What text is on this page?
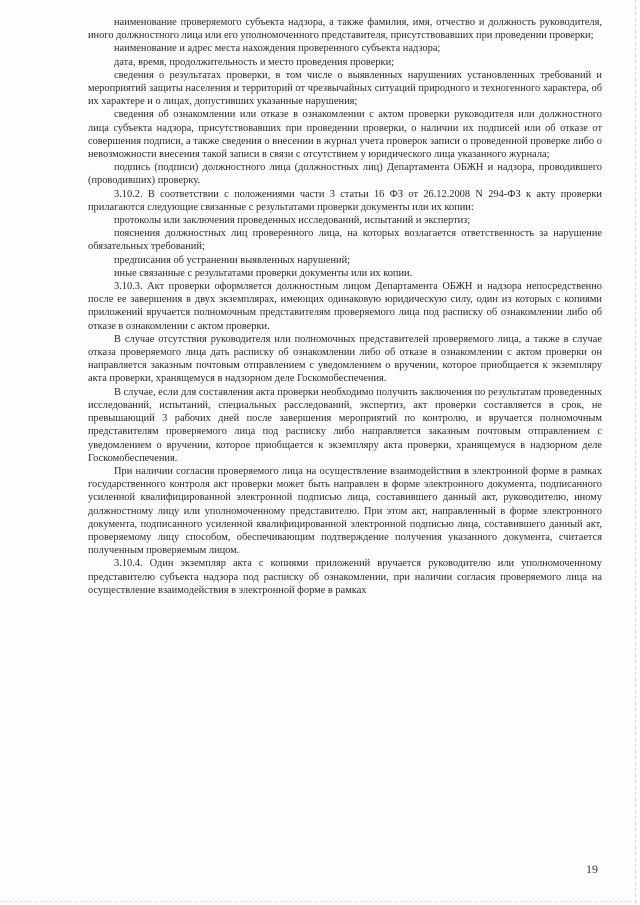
наименование проверяемого субъекта надзора, а также фамилия, имя, отчество и должность руководителя, иного должностного лица или его уполномоченного представителя, присутствовавших при проведении проверки;

наименование и адрес места нахождения проверенного субъекта надзора;

дата, время, продолжительность и место проведения проверки;

сведения о результатах проверки, в том числе о выявленных нарушениях установленных требований и мероприятий защиты населения и территорий от чрезвычайных ситуаций природного и техногенного характера, об их характере и о лицах, допустивших указанные нарушения;

сведения об ознакомлении или отказе в ознакомлении с актом проверки руководителя или должностного лица субъекта надзора, присутствовавших при проведении проверки, о наличии их подписей или об отказе от совершения подписи, а также сведения о внесении в журнал учета проверок записи о проведенной проверке либо о невозможности внесения такой записи в связи с отсутствием у юридического лица указанного журнала;

подпись (подписи) должностного лица (должностных лиц) Департамента ОБЖН и надзора, проводившего (проводивших) проверку.

3.10.2. В соответствии с положениями части 3 статьи 16 ФЗ от 26.12.2008 N 294-ФЗ к акту проверки прилагаются следующие связанные с результатами проверки документы или их копии:

протоколы или заключения проведенных исследований, испытаний и экспертиз;

пояснения должностных лиц проверенного лица, на которых возлагается ответственность за нарушение обязательных требований;

предписания об устранении выявленных нарушений;

иные связанные с результатами проверки документы или их копии.

3.10.3. Акт проверки оформляется должностным лицом Департамента ОБЖН и надзора непосредственно после ее завершения в двух экземплярах, имеющих одинаковую юридическую силу, один из которых с копиями приложений вручается полномочным представителям проверяемого лица под расписку об ознакомлении либо об отказе в ознакомлении с актом проверки.

В случае отсутствия руководителя или полномочных представителей проверяемого лица, а также в случае отказа проверяемого лица дать расписку об ознакомлении либо об отказе в ознакомлении с актом проверки он направляется заказным почтовым отправлением с уведомлением о вручении, которое приобщается к экземпляру акта проверки, хранящемуся в надзорном деле Госкомобеспечения.

В случае, если для составления акта проверки необходимо получить заключения по результатам проведенных исследований, испытаний, специальных расследований, экспертиз, акт проверки составляется в срок, не превышающий 3 рабочих дней после завершения мероприятий по контролю, и вручается полномочным представителям проверяемого лица под расписку либо направляется заказным почтовым отправлением с уведомлением о вручении, которое приобщается к экземпляру акта проверки, хранящемуся в надзорном деле Госкомобеспечения.

При наличии согласия проверяемого лица на осуществление взаимодействия в электронной форме в рамках государственного контроля акт проверки может быть направлен в форме электронного документа, подписанного усиленной квалифицированной электронной подписью лица, составившего данный акт, руководителю, иному должностному лицу или уполномоченному представителю. При этом акт, направленный в форме электронного документа, подписанного усиленной квалифицированной электронной подписью лица, составившего данный акт, проверяемому лицу способом, обеспечивающим подтверждение получения указанного документа, считается полученным проверяемым лицом.

3.10.4. Один экземпляр акта с копиями приложений вручается руководителю или уполномоченному представителю субъекта надзора под расписку об ознакомлении, при наличии согласия проверяемого лица на осуществление взаимодействия в электронной форме в рамках

19
